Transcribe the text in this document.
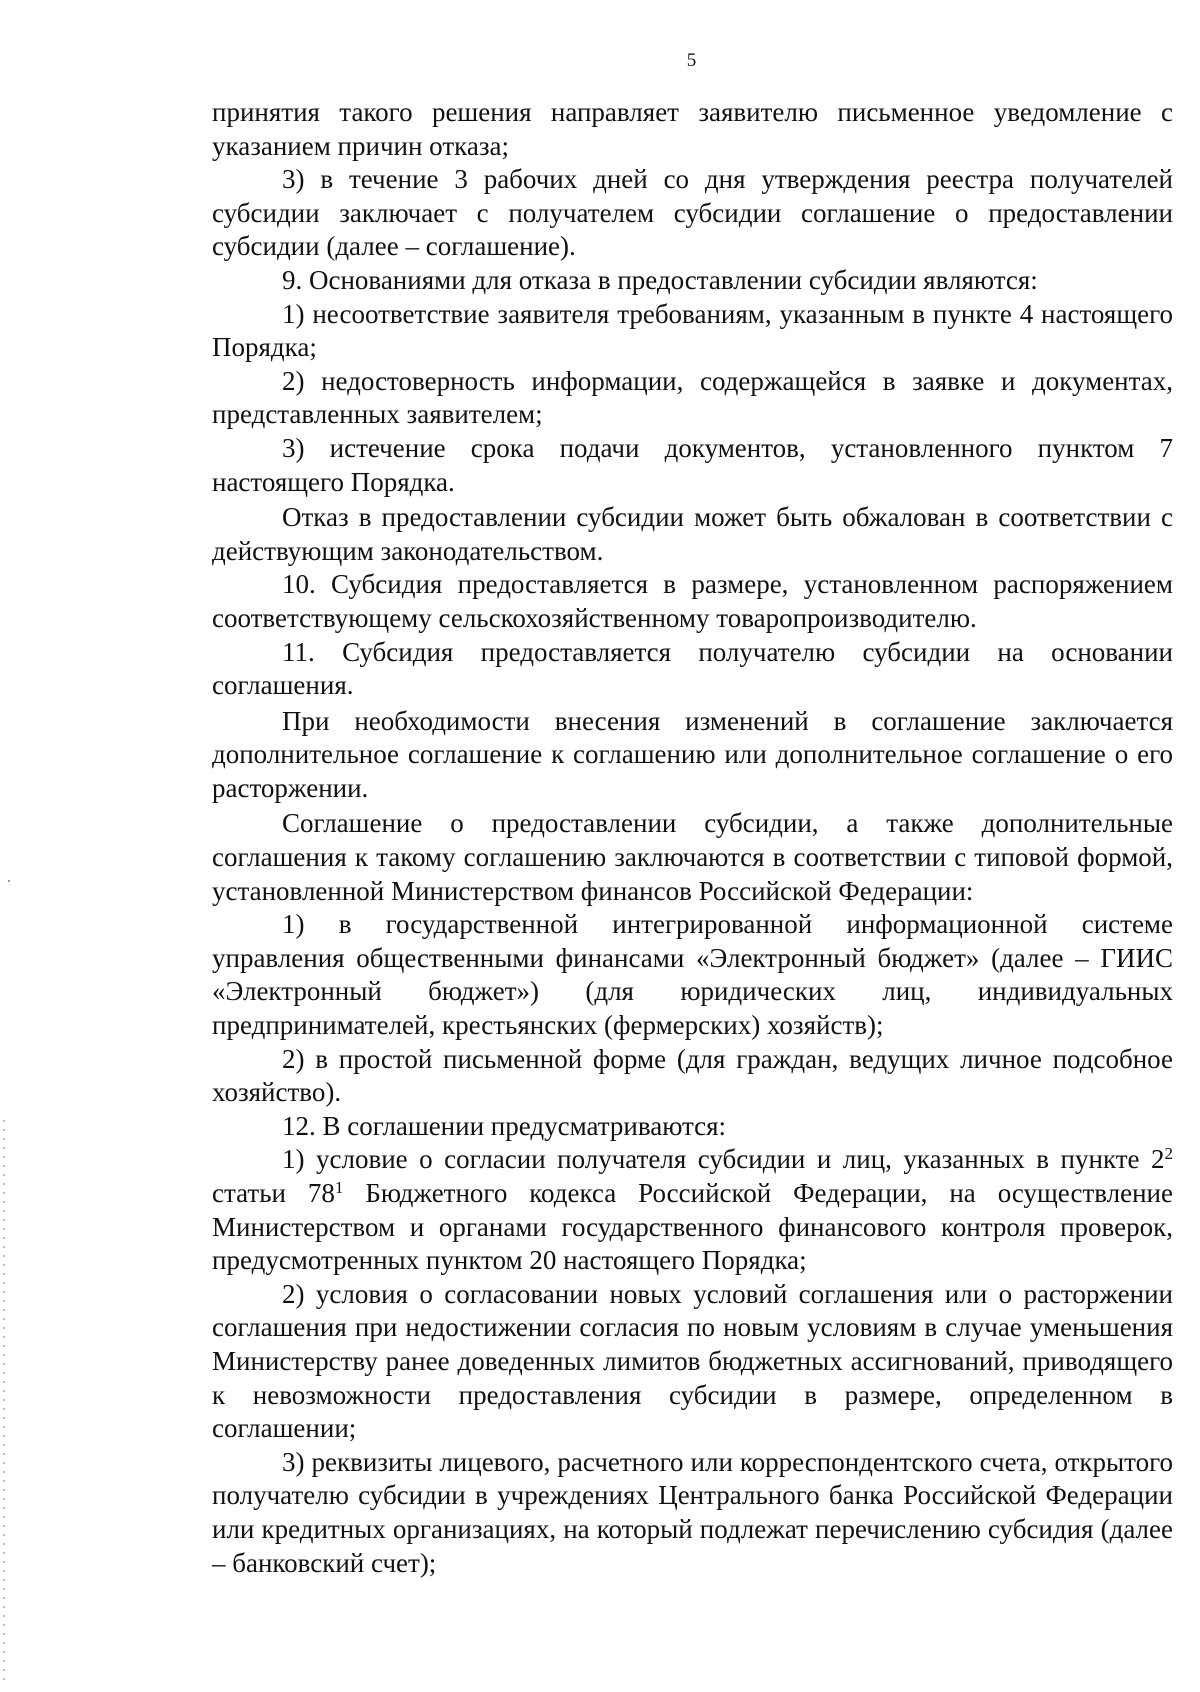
5

принятия такого решения направляет заявителю письменное уведомление с указанием причин отказа;

3) в течение 3 рабочих дней со дня утверждения реестра получателей субсидии заключает с получателем субсидии соглашение о предоставлении субсидии (далее – соглашение).

9. Основаниями для отказа в предоставлении субсидии являются:

1) несоответствие заявителя требованиям, указанным в пункте 4 настоящего Порядка;

2) недостоверность информации, содержащейся в заявке и документах, представленных заявителем;

3) истечение срока подачи документов, установленного пунктом 7 настоящего Порядка.

Отказ в предоставлении субсидии может быть обжалован в соответствии с действующим законодательством.

10. Субсидия предоставляется в размере, установленном распоряжением соответствующему сельскохозяйственному товаропроизводителю.

11. Субсидия предоставляется получателю субсидии на основании соглашения.

При необходимости внесения изменений в соглашение заключается дополнительное соглашение к соглашению или дополнительное соглашение о его расторжении.

Соглашение о предоставлении субсидии, а также дополнительные соглашения к такому соглашению заключаются в соответствии с типовой формой, установленной Министерством финансов Российской Федерации:

1) в государственной интегрированной информационной системе управления общественными финансами «Электронный бюджет» (далее – ГИИС «Электронный бюджет») (для юридических лиц, индивидуальных предпринимателей, крестьянских (фермерских) хозяйств);

2) в простой письменной форме (для граждан, ведущих личное подсобное хозяйство).

12. В соглашении предусматриваются:

1) условие о согласии получателя субсидии и лиц, указанных в пункте $2^2$ статьи $78^1$ Бюджетного кодекса Российской Федерации, на осуществление Министерством и органами государственного финансового контроля проверок, предусмотренных пунктом 20 настоящего Порядка;

2) условия о согласовании новых условий соглашения или о расторжении соглашения при недостижении согласия по новым условиям в случае уменьшения Министерству ранее доведенных лимитов бюджетных ассигнований, приводящего к невозможности предоставления субсидии в размере, определенном в соглашении;

3) реквизиты лицевого, расчетного или корреспондентского счета, открытого получателю субсидии в учреждениях Центрального банка Российской Федерации или кредитных организациях, на который подлежат перечислению субсидия (далее – банковский счет);
